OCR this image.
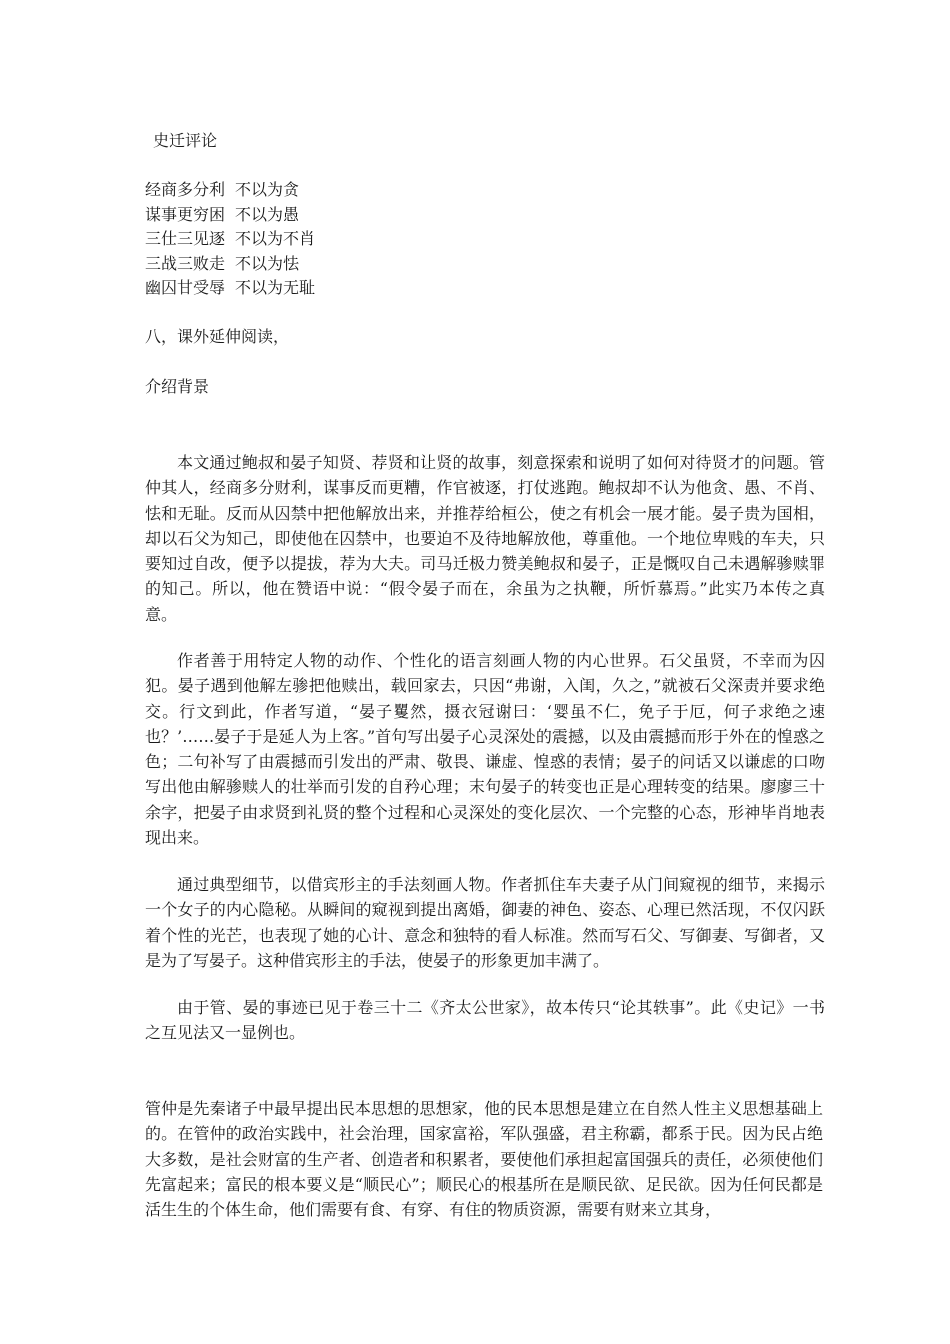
史迁评论
经商多分利 不以为贪
谋事更穷困 不以为愚
三仕三见逐 不以为不肖
三战三败走 不以为怯
幽囚甘受辱 不以为无耻
八，课外延伸阅读，
介绍背景

本文通过鲍叔和晏子知贤、荐贤和让贤的故事，刻意探索和说明了如何对待贤才的问题。管仲其人，经商多分财利，谋事反而更糟，作官被逐，打仗逃跑。鲍叔却不认为他贪、愚、不肖、怯和无耻。反而从囚禁中把他解放出来，并推荐给桓公，使之有机会一展才能。晏子贵为国相，却以石父为知己，即使他在囚禁中，也要迫不及待地解放他，尊重他。一个地位卑贱的车夫，只要知过自改，便予以提拔，荐为大夫。司马迁极力赞美鲍叔和晏子，正是慨叹自己未遇解骖赎罪的知己。所以，他在赞语中说：“假令晏子而在，余虽为之执鞭，所忻慕焉。”此实乃本传之真意。

作者善于用特定人物的动作、个性化的语言刻画人物的内心世界。石父虽贤，不幸而为囚犯。晏子遇到他解左骖把他赎出，载回家去，只因“弗谢，入闺，久之，”就被石父深责并要求绝交。行文到此，作者写道，“晏子矍然，摄衣冠谢曰：‘婴虽不仁，免子于厄，何子求绝之速也？’……晏子于是延人为上客。”首句写出晏子心灵深处的震撼，以及由震撼而形于外在的惶惑之色；二句补写了由震撼而引发出的严肃、敬畏、谦虚、惶惑的表情；晏子的问话又以谦虑的口吻写出他由解骖赎人的壮举而引发的自矜心理；末句晏子的转变也正是心理转变的结果。廖廖三十余字，把晏子由求贤到礼贤的整个过程和心灵深处的变化层次、一个完整的心态，形神毕肖地表现出来。

通过典型细节，以借宾形主的手法刻画人物。作者抓住车夫妻子从门间窥视的细节，来揭示一个女子的内心隐秘。从瞬间的窥视到提出离婚，御妻的神色、姿态、心理已然活现，不仅闪跃着个性的光芒，也表现了她的心计、意念和独特的看人标准。然而写石父、写御妻、写御者，又是为了写晏子。这种借宾形主的手法，使晏子的形象更加丰满了。

由于管、晏的事迹已见于卷三十二《齐太公世家》，故本传只“论其轶事”。此《史记》一书之互见法又一显例也。

管仲是先秦诸子中最早提出民本思想的思想家，他的民本思想是建立在自然人性主义思想基础上的。在管仲的政治实践中，社会治理，国家富裕，军队强盛，君主称霸，都系于民。因为民占绝大多数，是社会财富的生产者、创造者和积累者，要使他们承担起富国强兵的责任，必须使他们先富起来；富民的根本要义是“顺民心”；顺民心的根基所在是顺民欲、足民欲。因为任何民都是活生生的个体生命，他们需要有食、有穿、有住的物质资源，需要有财来立其身，
